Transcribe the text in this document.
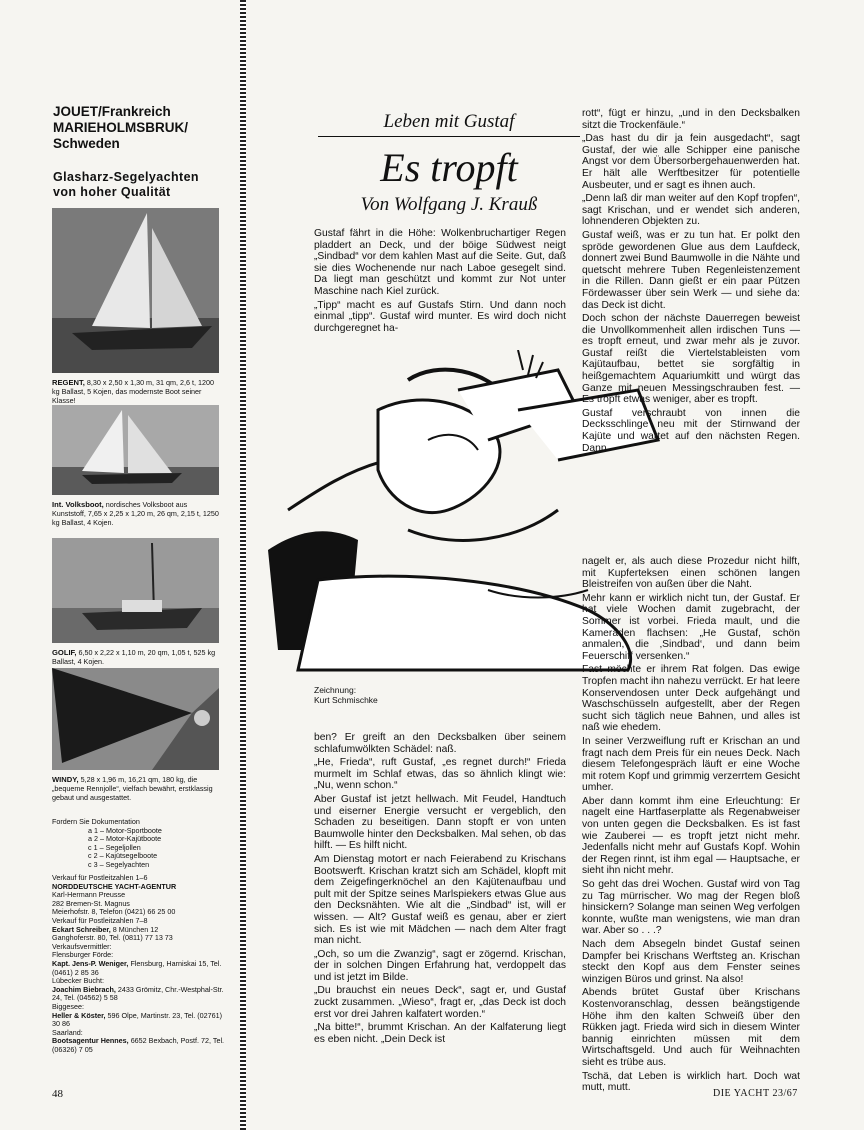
JOUET/Frankreich
MARIEHOLMSBRUK/
Schweden
Glasharz-Segelyachten
von hoher Qualität
REGENT, 8,30 x 2,50 x 1,30 m, 31 qm, 2,6 t, 1200 kg Ballast, 5 Kojen, das modernste Boot seiner Klasse!
Int. Volksboot, nordisches Volksboot aus Kunststoff, 7,65 x 2,25 x 1,20 m, 26 qm, 2,15 t, 1250 kg Ballast, 4 Kojen.
GOLIF, 6,50 x 2,22 x 1,10 m, 20 qm, 1,05 t, 525 kg Ballast, 4 Kojen.
WINDY, 5,28 x 1,96 m, 16,21 qm, 180 kg, die „bequeme Rennjolle“, vielfach bewährt, erstklassig gebaut und ausgestattet.
Fordern Sie Dokumentation
a 1 – Motor-Sportboote
a 2 – Motor-Kajütboote
c 1 – Segeljollen
c 2 – Kajütsegelboote
c 3 – Segelyachten
Verkauf für Postleitzahlen 1–6
NORDDEUTSCHE YACHT-AGENTUR
Karl-Hermann Preusse
282 Bremen-St. Magnus
Meierhofstr. 8, Telefon (0421) 66 25 00
Verkauf für Postleitzahlen 7–8
Eckart Schreiber, 8 München 12
Ganghoferstr. 80, Tel. (0811) 77 13 73
Verkaufsvermittler:
Flensburger Förde:
Kapt. Jens-P. Weniger, Flensburg, Harniskai 15, Tel. (0461) 2 85 36
Lübecker Bucht:
Joachim Biebrach, 2433 Grömitz, Chr.-Westphal-Str. 24, Tel. (04562) 5 58
Biggesee:
Heller & Köster, 596 Olpe, Martinstr. 23, Tel. (02761) 30 86
Saarland:
Bootsagentur Hennes, 6652 Bexbach, Postf. 72, Tel. (06326) 7 05
Leben mit Gustaf
Es tropft
Von Wolfgang J. Krauß

Gustaf fährt in die Höhe: Wolkenbruchartiger Regen pladdert an Deck, und der böige Südwest neigt „Sindbad“ vor dem kahlen Mast auf die Seite. Gut, daß sie dies Wochenende nur nach Laboe gesegelt sind. Da liegt man geschützt und kommt zur Not unter Maschine nach Kiel zurück.

„Tipp“ macht es auf Gustafs Stirn. Und dann noch einmal „tipp“. Gustaf wird munter. Es wird doch nicht durchgeregnet ha-

Zeichnung:
Kurt Schmischke

ben? Er greift an den Decksbalken über seinem schlafumwölkten Schädel: naß.

„He, Frieda“, ruft Gustaf, „es regnet durch!“ Frieda murmelt im Schlaf etwas, das so ähnlich klingt wie: „Nu, wenn schon.“

Aber Gustaf ist jetzt hellwach. Mit Feudel, Handtuch und eiserner Energie versucht er vergeblich, den Schaden zu beseitigen. Dann stopft er von unten Baumwolle hinter den Decksbalken. Mal sehen, ob das hilft. — Es hilft nicht.

Am Dienstag motort er nach Feierabend zu Krischans Bootswerft. Krischan kratzt sich am Schädel, klopft mit dem Zeigefingerknöchel an den Kajütenaufbau und pult mit der Spitze seines Marlspiekers etwas Glue aus den Decksnähten. Wie alt die „Sindbad“ ist, will er wissen. — Alt? Gustaf weiß es genau, aber er ziert sich. Es ist wie mit Mädchen — nach dem Alter fragt man nicht.

„Och, so um die Zwanzig“, sagt er zögernd. Krischan, der in solchen Dingen Erfahrung hat, verdoppelt das und ist jetzt im Bilde.

„Du brauchst ein neues Deck“, sagt er, und Gustaf zuckt zusammen. „Wieso“, fragt er, „das Deck ist doch erst vor drei Jahren kalfatert worden.“

„Na bitte!“, brummt Krischan. An der Kalfaterung liegt es eben nicht. „Dein Deck ist

rott“, fügt er hinzu, „und in den Decksbalken sitzt die Trockenfäule.“

„Das hast du dir ja fein ausgedacht“, sagt Gustaf, der wie alle Schipper eine panische Angst vor dem Übersorbergehauenwerden hat. Er hält alle Werftbesitzer für potentielle Ausbeuter, und er sagt es ihnen auch.

„Denn laß dir man weiter auf den Kopf tropfen“, sagt Krischan, und er wendet sich anderen, lohnenderen Objekten zu.

Gustaf weiß, was er zu tun hat. Er polkt den spröde gewordenen Glue aus dem Laufdeck, donnert zwei Bund Baumwolle in die Nähte und quetscht mehrere Tuben Regenleistenzement in die Rillen. Dann gießt er ein paar Pützen Fördewasser über sein Werk — und siehe da: das Deck ist dicht.

Doch schon der nächste Dauerregen beweist die Unvollkommenheit allen irdischen Tuns — es tropft erneut, und zwar mehr als je zuvor. Gustaf reißt die Viertelstableisten vom Kajütaufbau, bettet sie sorgfältig in heißgemachtem Aquariumkitt und würgt das Ganze mit neuen Messingschrauben fest. — Es tropft etwas weniger, aber es tropft.

Gustaf verschraubt von innen die Decksschlinge neu mit der Stirnwand der Kajüte und wartet auf den nächsten Regen. Dann

nagelt er, als auch diese Prozedur nicht hilft, mit Kupferteksen einen schönen langen Bleistreifen von außen über die Naht.

Mehr kann er wirklich nicht tun, der Gustaf. Er hat viele Wochen damit zugebracht, der Sommer ist vorbei. Frieda mault, und die Kameraden flachsen: „He Gustaf, schön anmalen, die ‚Sindbad‘, und dann beim Feuerschiff versenken.“

Fast möchte er ihrem Rat folgen. Das ewige Tropfen macht ihn nahezu verrückt. Er hat leere Konservendosen unter Deck aufgehängt und Waschschüsseln aufgestellt, aber der Regen sucht sich täglich neue Bahnen, und alles ist naß wie ehedem.

In seiner Verzweiflung ruft er Krischan an und fragt nach dem Preis für ein neues Deck. Nach diesem Telefongespräch läuft er eine Woche mit rotem Kopf und grimmig verzerrtem Gesicht umher.

Aber dann kommt ihm eine Erleuchtung: Er nagelt eine Hartfaserplatte als Regenabweiser von unten gegen die Decksbalken. Es ist fast wie Zauberei — es tropft jetzt nicht mehr. Jedenfalls nicht mehr auf Gustafs Kopf. Wohin der Regen rinnt, ist ihm egal — Hauptsache, er sieht ihn nicht mehr.

So geht das drei Wochen. Gustaf wird von Tag zu Tag mürrischer. Wo mag der Regen bloß hinsickern? Solange man seinen Weg verfolgen konnte, wußte man wenigstens, wie man dran war. Aber so . . .?

Nach dem Absegeln bindet Gustaf seinen Dampfer bei Krischans Werftsteg an. Krischan steckt den Kopf aus dem Fenster seines winzigen Büros und grinst. Na also!

Abends brütet Gustaf über Krischans Kostenvoranschlag, dessen beängstigende Höhe ihm den kalten Schweiß über den Rükken jagt. Frieda wird sich in diesem Winter bannig einrichten müssen mit dem Wirtschaftsgeld. Und auch für Weihnachten sieht es trübe aus.

Tschä, dat Leben is wirklich hart. Doch wat mutt, mutt.

48	DIE YACHT 23/67
